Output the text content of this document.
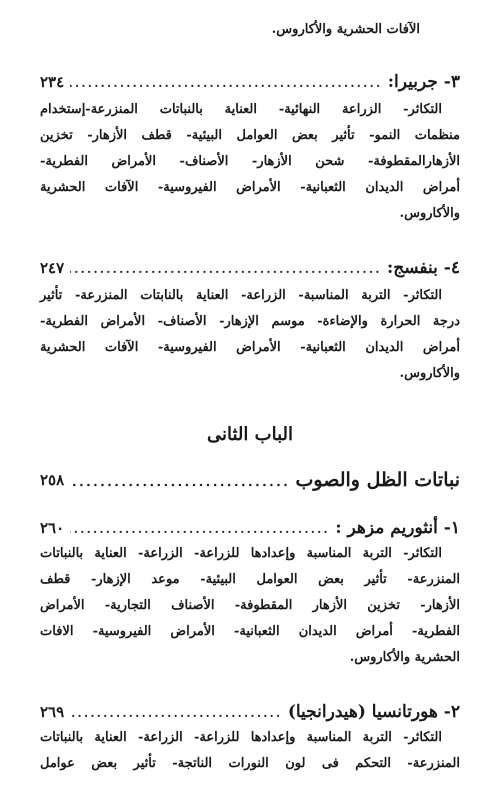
الآفات الحشرية والأكاروس.
٣- جربيرا:
.....
٢٣٤
التكاثر- الزراعة النهائية- العناية بالنباتات المنزرعة-إستخدام
منظمات النمو- تأثير بعض العوامل البيئية- قطف الأزهار- تخزين
الأزهارالمقطوفة- شحن الأزهار- الأصناف- الأمراض الفطرية-
أمراض الديدان الثعبانية- الأمراض الفيروسية- الآفات الحشرية
والأكاروس.
٤- بنفسج:
.....
٢٤٧
التكاثر- التربة المناسبة- الزراعة- العناية بالنابتات المنزرعة- تأثير
درجة الحرارة والإضاءة- موسم الإزهار- الأصناف- الأمراض الفطرية-
أمراض الديدان الثعبانية- الأمراض الفيروسية- الآفات الحشرية
والأكاروس.
الباب الثانى
نباتات الظل والصوب
.....
٢٥٨
١- أنثوريم مزهر :
.....
٢٦٠
التكاثر- التربة المناسبة وإعدادها للزراعة- الزراعة- العناية بالنباتات
المنزرعة- تأثير بعض العوامل البيئية- موعد الإزهار- قطف
الأزهار- تخزين الأزهار المقطوفة- الأصناف التجارية- الأمراض
الفطرية- أمراض الديدان الثعبانية- الأمراض الفيروسية- الافات
الحشرية والأكاروس.
٢- هورتانسيا (هيدرانجيا)
.....
٢٦٩
التكاثر- التربة المناسبة وإعدادها للزراعة- الزراعة- العناية بالنباتات
المنزرعة- التحكم فى لون النورات الناتجة- تأثير بعض عوامل
